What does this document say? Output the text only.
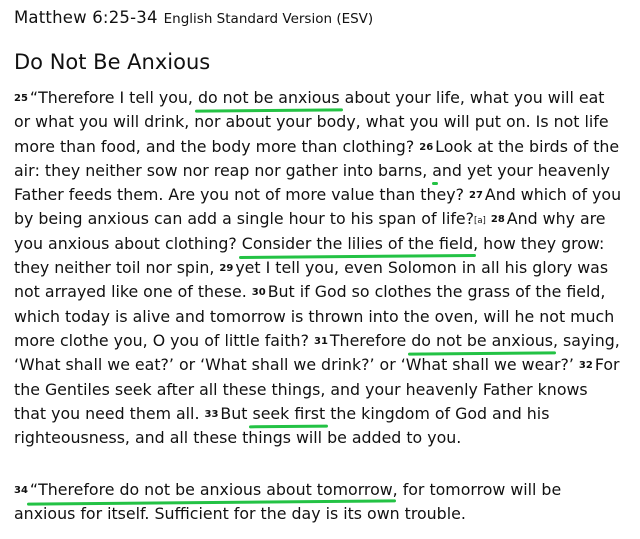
Matthew 6:25-34 English Standard Version (ESV)
Do Not Be Anxious

$^{25}$ “Therefore I tell you, do not be anxious about your life, what you will eat or what you will drink, nor about your body, what you will put on. Is not life more than food, and the body more than clothing? $^{26}$ Look at the birds of the air: they neither sow nor reap nor gather into barns, and yet your heavenly Father feeds them. Are you not of more value than they? $^{27}$ And which of you by being anxious can add a single hour to his span of life?[a] $^{28}$ And why are you anxious about clothing? Consider the lilies of the field, how they grow: they neither toil nor spin, $^{29}$ yet I tell you, even Solomon in all his glory was not arrayed like one of these. $^{30}$ But if God so clothes the grass of the field, which today is alive and tomorrow is thrown into the oven, will he not much more clothe you, O you of little faith? $^{31}$ Therefore do not be anxious, saying, ‘What shall we eat?’ or ‘What shall we drink?’ or ‘What shall we wear?’ $^{32}$ For the Gentiles seek after all these things, and your heavenly Father knows that you need them all. $^{33}$ But seek first the kingdom of God and his righteousness, and all these things will be added to you.

$^{34}$ “Therefore do not be anxious about tomorrow, for tomorrow will be anxious for itself. Sufficient for the day is its own trouble.
